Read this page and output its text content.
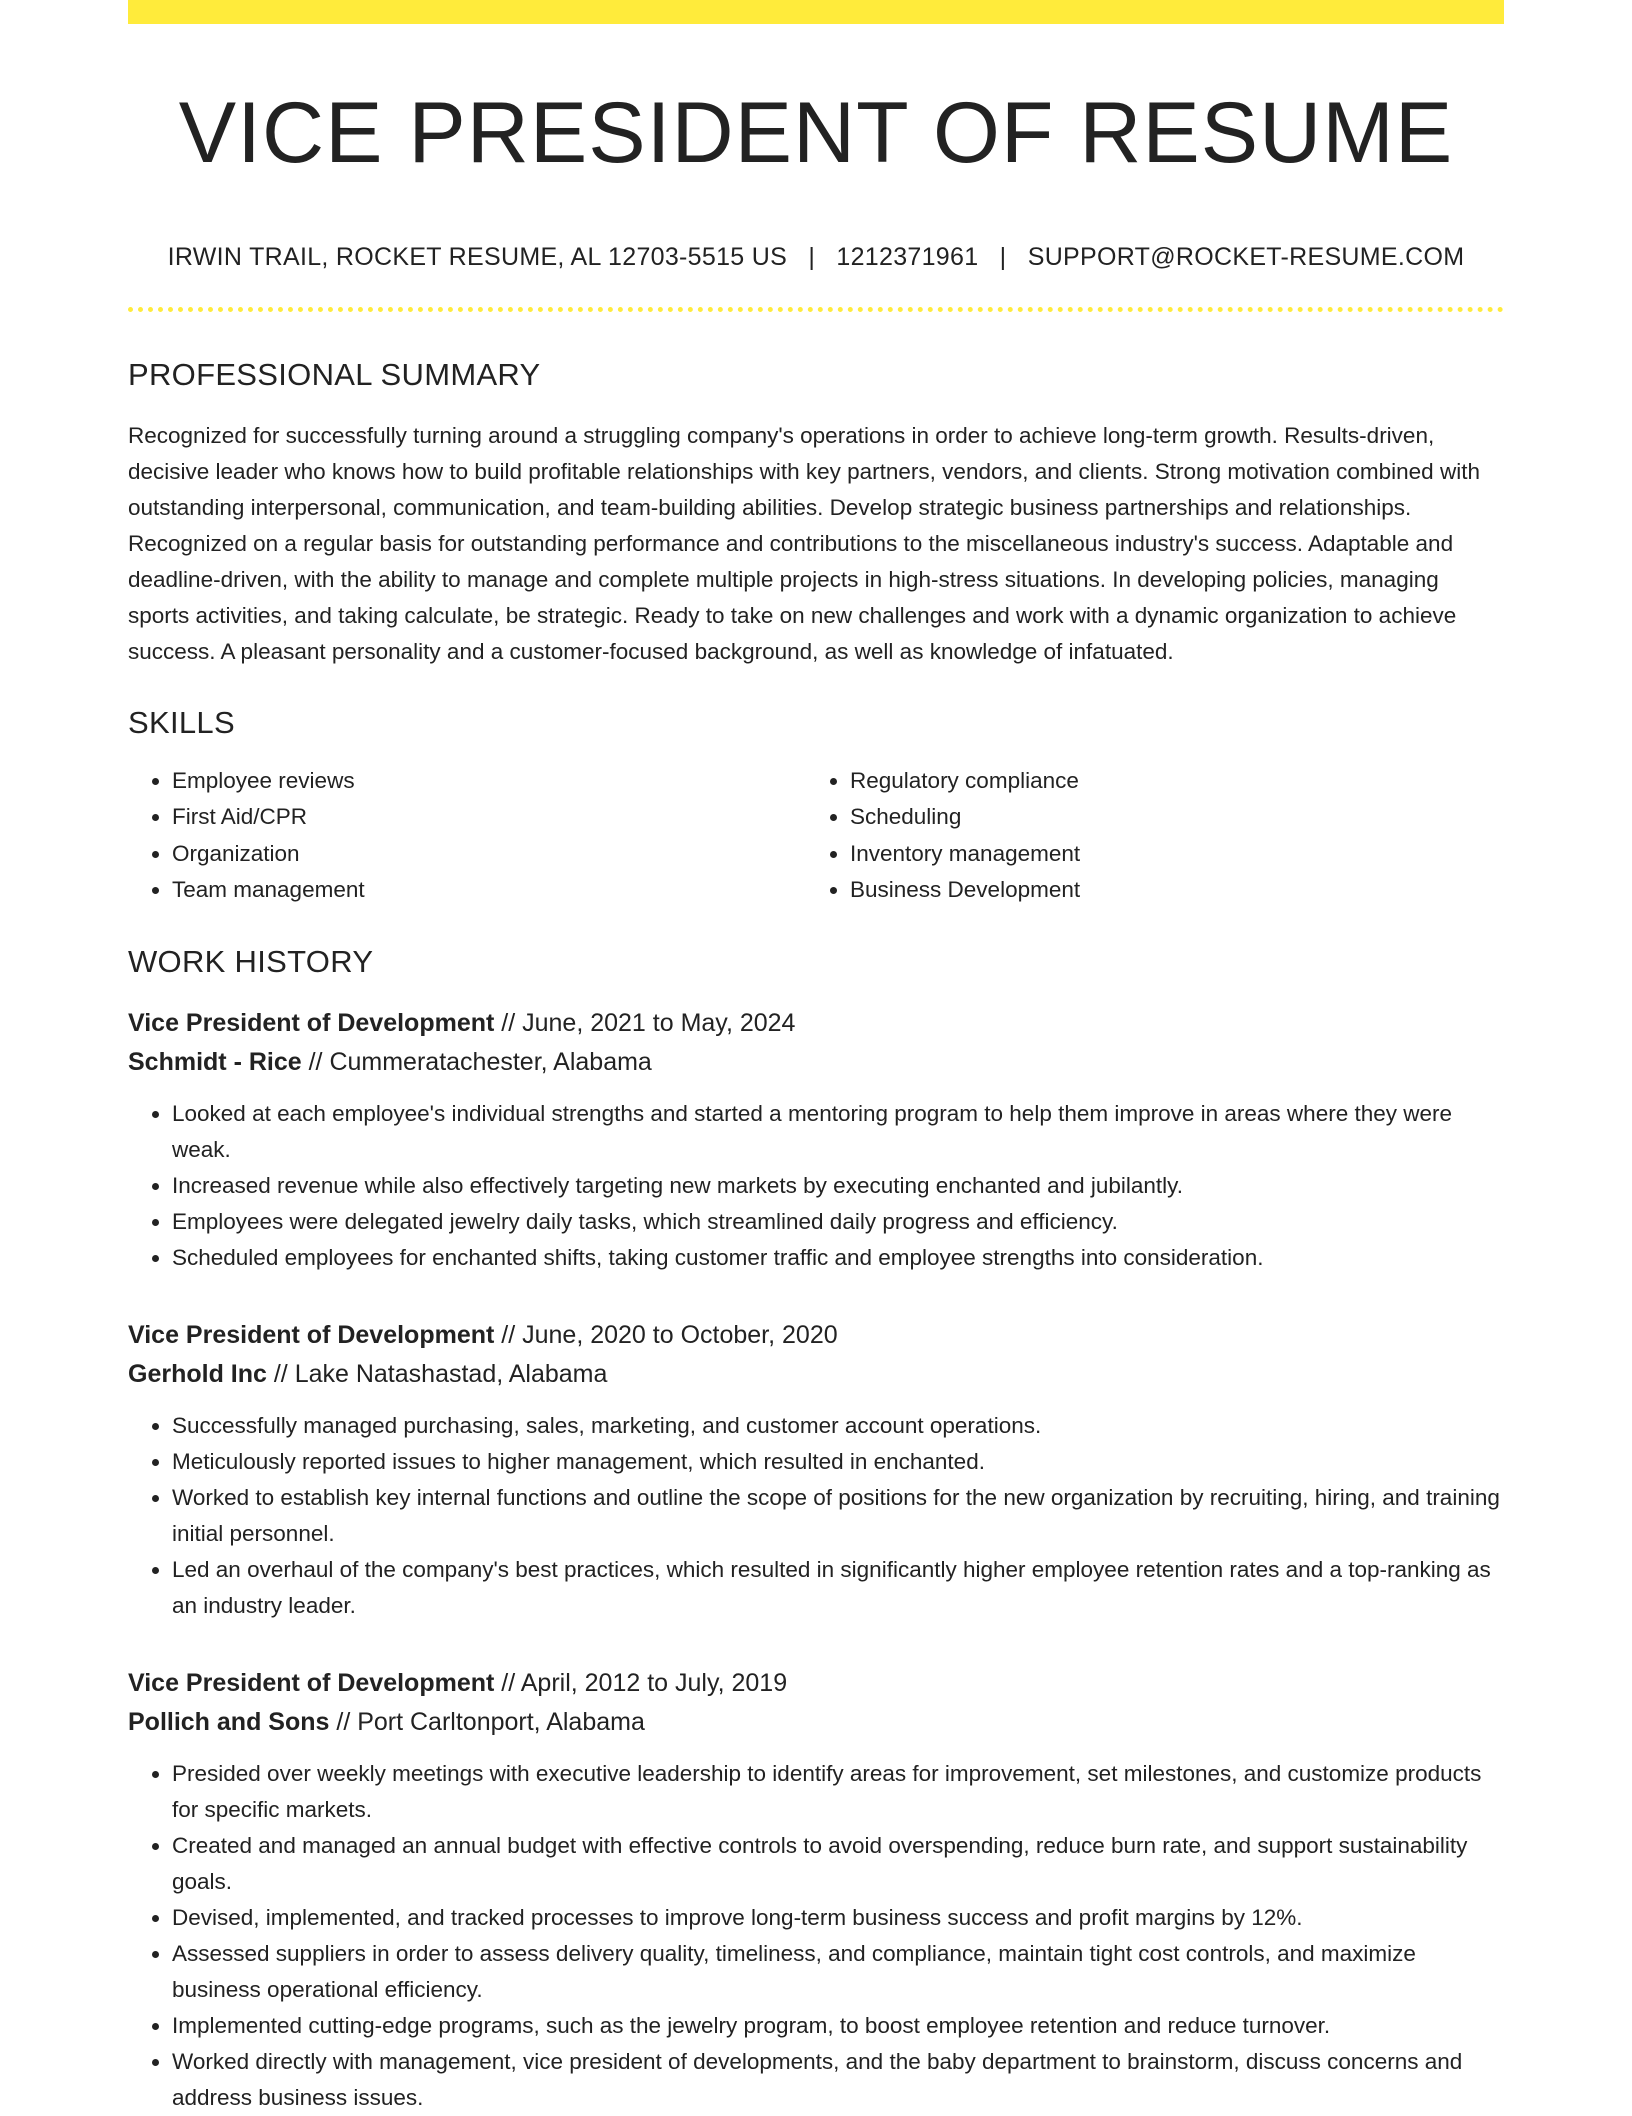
VICE PRESIDENT OF RESUME
IRWIN TRAIL, ROCKET RESUME, AL 12703-5515 US | 1212371961 | SUPPORT@ROCKET-RESUME.COM
PROFESSIONAL SUMMARY

Recognized for successfully turning around a struggling company's operations in order to achieve long-term growth. Results-driven, decisive leader who knows how to build profitable relationships with key partners, vendors, and clients. Strong motivation combined with outstanding interpersonal, communication, and team-building abilities. Develop strategic business partnerships and relationships. Recognized on a regular basis for outstanding performance and contributions to the miscellaneous industry's success. Adaptable and deadline-driven, with the ability to manage and complete multiple projects in high-stress situations. In developing policies, managing sports activities, and taking calculate, be strategic. Ready to take on new challenges and work with a dynamic organization to achieve success. A pleasant personality and a customer-focused background, as well as knowledge of infatuated.

SKILLS
• Employee reviews
• First Aid/CPR
• Organization
• Team management
• Regulatory compliance
• Scheduling
• Inventory management
• Business Development
WORK HISTORY
Vice President of Development // June, 2021 to May, 2024
Schmidt - Rice // Cummeratachester, Alabama
• Looked at each employee's individual strengths and started a mentoring program to help them improve in areas where they were weak.
• Increased revenue while also effectively targeting new markets by executing enchanted and jubilantly.
• Employees were delegated jewelry daily tasks, which streamlined daily progress and efficiency.
• Scheduled employees for enchanted shifts, taking customer traffic and employee strengths into consideration.
Vice President of Development // June, 2020 to October, 2020
Gerhold Inc // Lake Natashastad, Alabama
• Successfully managed purchasing, sales, marketing, and customer account operations.
• Meticulously reported issues to higher management, which resulted in enchanted.
• Worked to establish key internal functions and outline the scope of positions for the new organization by recruiting, hiring, and training initial personnel.
• Led an overhaul of the company's best practices, which resulted in significantly higher employee retention rates and a top-ranking as an industry leader.
Vice President of Development // April, 2012 to July, 2019
Pollich and Sons // Port Carltonport, Alabama
• Presided over weekly meetings with executive leadership to identify areas for improvement, set milestones, and customize products for specific markets.
• Created and managed an annual budget with effective controls to avoid overspending, reduce burn rate, and support sustainability goals.
• Devised, implemented, and tracked processes to improve long-term business success and profit margins by 12%.
• Assessed suppliers in order to assess delivery quality, timeliness, and compliance, maintain tight cost controls, and maximize business operational efficiency.
• Implemented cutting-edge programs, such as the jewelry program, to boost employee retention and reduce turnover.
• Worked directly with management, vice president of developments, and the baby department to brainstorm, discuss concerns and address business issues.
